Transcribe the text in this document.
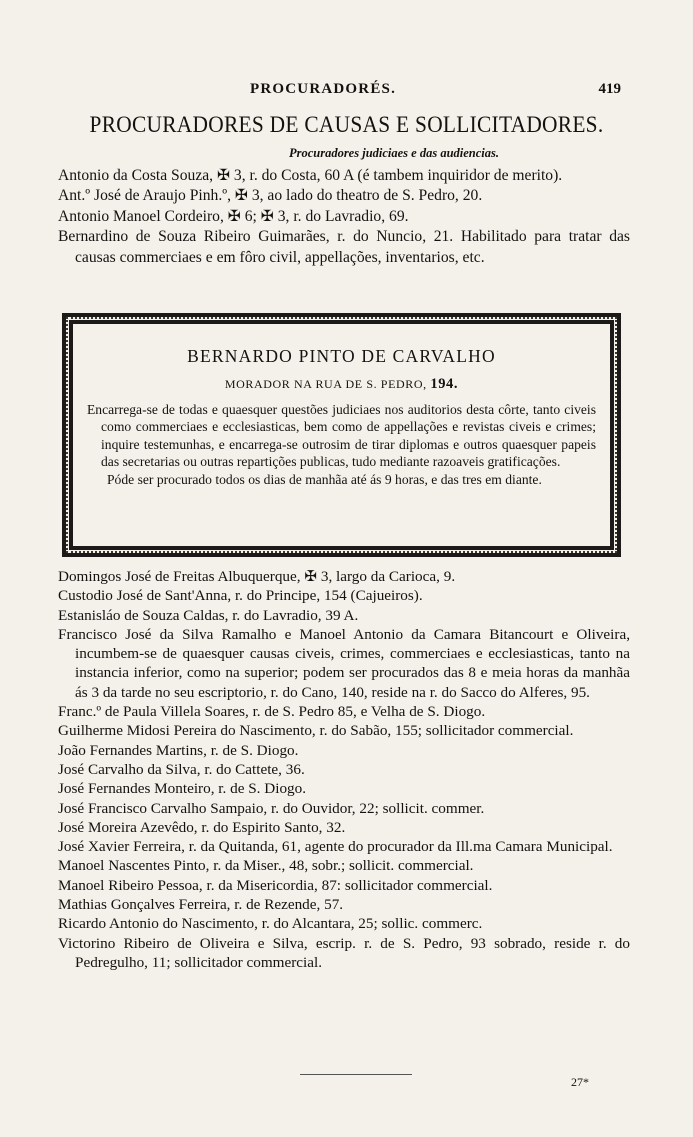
PROCURADORÉS.	419
PROCURADORES DE CAUSAS E SOLLICITADORES.
Procuradores judiciaes e das audiencias.
Antonio da Costa Souza, ✠ 3, r. do Costa, 60 A (é tambem inquiridor de merito).
Ant.º José de Araujo Pinh.º, ✠ 3, ao lado do theatro de S. Pedro, 20.
Antonio Manoel Cordeiro, ✠ 6; ✠ 3, r. do Lavradio, 69.
Bernardino de Souza Ribeiro Guimarães, r. do Nuncio, 21. Habilitado para tratar das causas commerciaes e em fôro civil, appellações, inventarios, etc.
BERNARDO PINTO DE CARVALHO
MORADOR NA RUA DE S. PEDRO, 194.

Encarrega-se de todas e quaesquer questões judiciaes nos auditorios desta côrte, tanto civeis como commerciaes e ecclesiasticas, bem como de appellações e revistas civeis e crimes; inquire testemunhas, e encarrega-se outrosim de tirar diplomas e outros quaesquer papeis das secretarias ou outras repartições publicas, tudo mediante razoaveis gratificações.

Póde ser procurado todos os dias de manhãa até ás 9 horas, e das tres em diante.

Domingos José de Freitas Albuquerque, ✠ 3, largo da Carioca, 9.
Custodio José de Sant'Anna, r. do Principe, 154 (Cajueiros).
Estanisláo de Souza Caldas, r. do Lavradio, 39 A.
Francisco José da Silva Ramalho e Manoel Antonio da Camara Bitancourt e Oliveira, incumbem-se de quaesquer causas civeis, crimes, commerciaes e ecclesiasticas, tanto na instancia inferior, como na superior; podem ser procurados das 8 e meia horas da manhãa ás 3 da tarde no seu escriptorio, r. do Cano, 140, reside na r. do Sacco do Alferes, 95.
Franc.º de Paula Villela Soares, r. de S. Pedro 85, e Velha de S. Diogo.
Guilherme Midosi Pereira do Nascimento, r. do Sabão, 155; sollicitador commercial.
João Fernandes Martins, r. de S. Diogo.
José Carvalho da Silva, r. do Cattete, 36.
José Fernandes Monteiro, r. de S. Diogo.
José Francisco Carvalho Sampaio, r. do Ouvidor, 22; sollicit. commer.
José Moreira Azevêdo, r. do Espirito Santo, 32.
José Xavier Ferreira, r. da Quitanda, 61, agente do procurador da Ill.ma Camara Municipal.
Manoel Nascentes Pinto, r. da Miser., 48, sobr.; sollicit. commercial.
Manoel Ribeiro Pessoa, r. da Misericordia, 87: sollicitador commercial.
Mathias Gonçalves Ferreira, r. de Rezende, 57.
Ricardo Antonio do Nascimento, r. do Alcantara, 25; sollic. commerc.
Victorino Ribeiro de Oliveira e Silva, escrip. r. de S. Pedro, 93 sobrado, reside r. do Pedregulho, 11; sollicitador commercial.
27*
